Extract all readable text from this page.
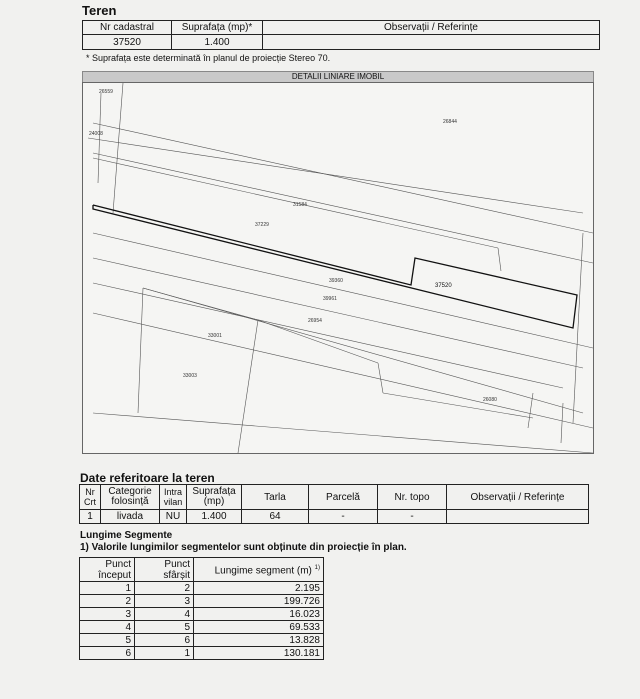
Teren
Nr cadastral	Suprafața (mp)*	Observații / Referințe
37520	1.400	
* Suprafața este determinată în planul de proiecție Stereo 70.
DETALII LINIARE IMOBIL
26559
26844
24008
31584
37229
37520
39360
39961
26954
33001
33003
26080
Date referitoare la teren
Nr Crt	Categorie folosință	Intra vilan	Suprafața (mp)	Tarla	Parcelă	Nr. topo	Observații / Referințe
1	livada	NU	1.400	64	-	-	
Lungime Segmente
1) Valorile lungimilor segmentelor sunt obținute din proiecție în plan.
Punct început	Punct sfârșit	Lungime segment (m) $^{1)}$
1	2	2.195
2	3	199.726
3	4	16.023
4	5	69.533
5	6	13.828
6	1	130.181
